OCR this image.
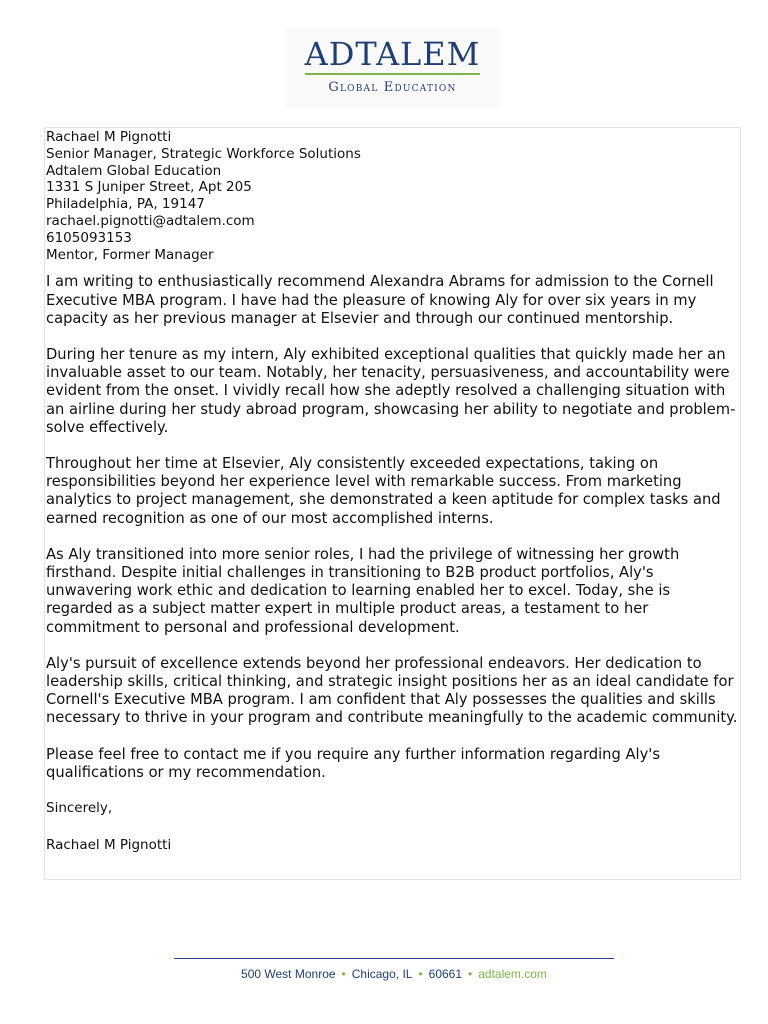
ADTALEM
Global Education
Rachael M Pignotti
Senior Manager, Strategic Workforce Solutions
Adtalem Global Education
1331 S Juniper Street, Apt 205
Philadelphia, PA, 19147
rachael.pignotti@adtalem.com
6105093153
Mentor, Former Manager

I am writing to enthusiastically recommend Alexandra Abrams for admission to the Cornell Executive MBA program. I have had the pleasure of knowing Aly for over six years in my capacity as her previous manager at Elsevier and through our continued mentorship.

During her tenure as my intern, Aly exhibited exceptional qualities that quickly made her an invaluable asset to our team. Notably, her tenacity, persuasiveness, and accountability were evident from the onset. I vividly recall how she adeptly resolved a challenging situation with an airline during her study abroad program, showcasing her ability to negotiate and problem-solve effectively.

Throughout her time at Elsevier, Aly consistently exceeded expectations, taking on responsibilities beyond her experience level with remarkable success. From marketing analytics to project management, she demonstrated a keen aptitude for complex tasks and earned recognition as one of our most accomplished interns.

As Aly transitioned into more senior roles, I had the privilege of witnessing her growth firsthand. Despite initial challenges in transitioning to B2B product portfolios, Aly's unwavering work ethic and dedication to learning enabled her to excel. Today, she is regarded as a subject matter expert in multiple product areas, a testament to her commitment to personal and professional development.

Aly's pursuit of excellence extends beyond her professional endeavors. Her dedication to leadership skills, critical thinking, and strategic insight positions her as an ideal candidate for Cornell's Executive MBA program. I am confident that Aly possesses the qualities and skills necessary to thrive in your program and contribute meaningfully to the academic community.

Please feel free to contact me if you require any further information regarding Aly's qualifications or my recommendation.

Sincerely,

Rachael M Pignotti

500 West Monroe • Chicago, IL • 60661 • adtalem.com
